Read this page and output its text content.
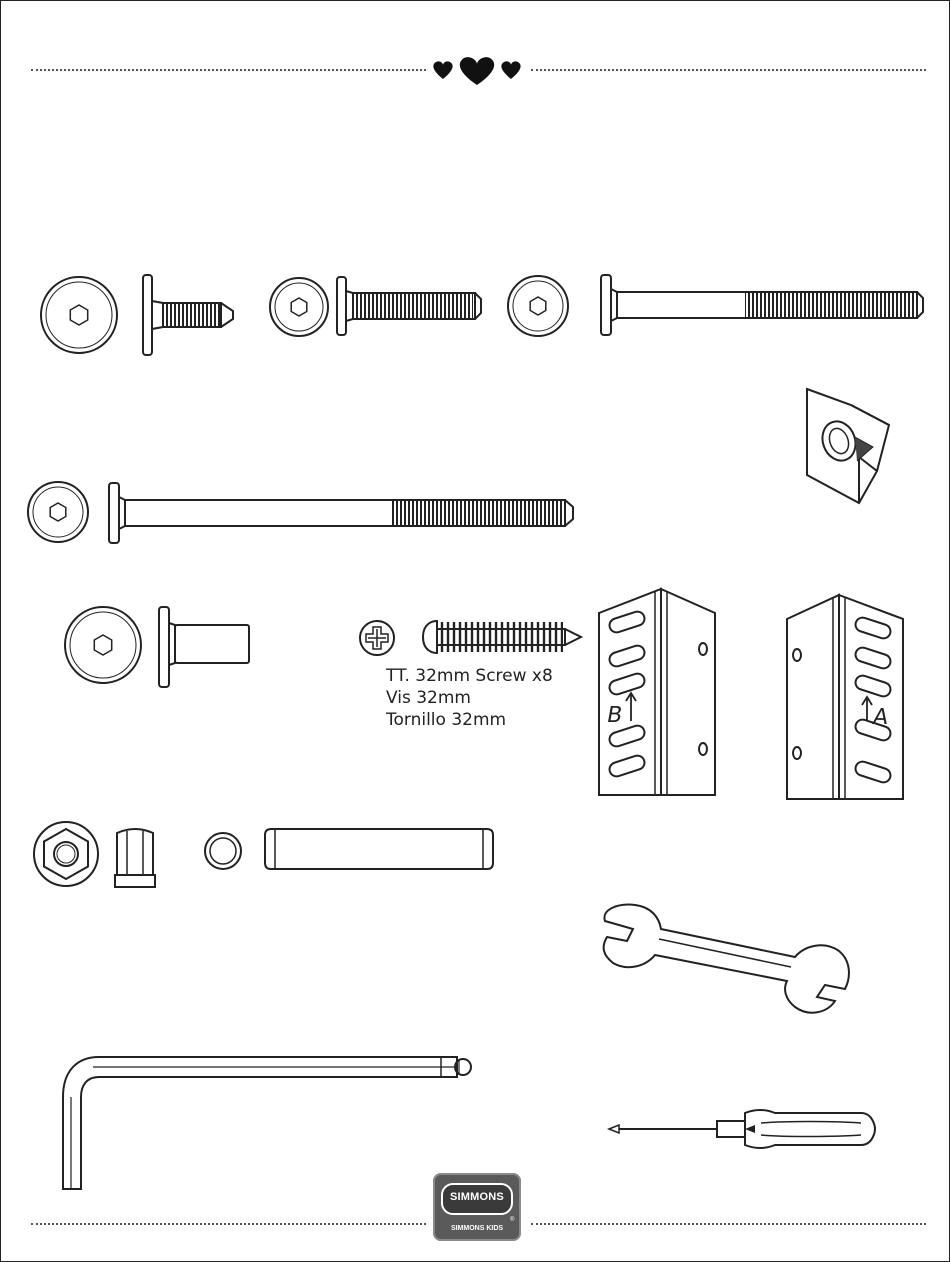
TT. 32mm Screw x8
Vis 32mm
Tornillo 32mm	B	A
SIMMONS
SIMMONS KIDS
®
